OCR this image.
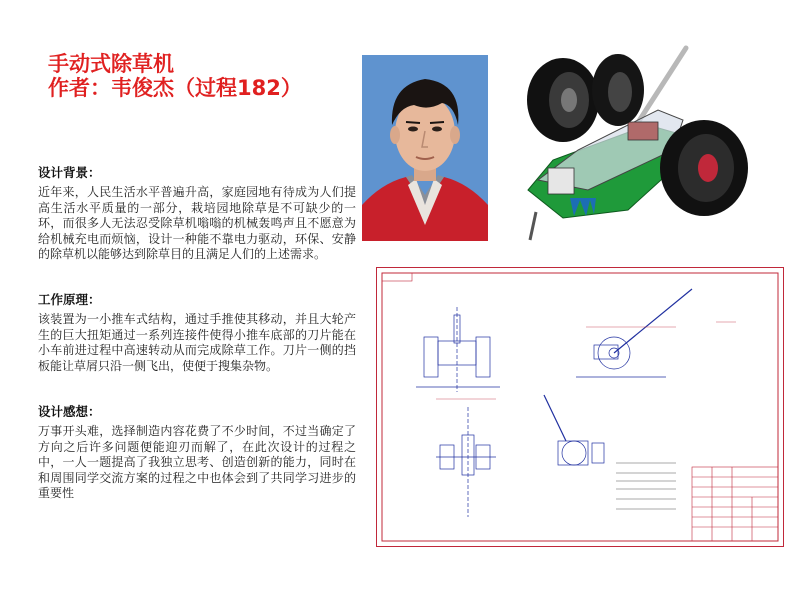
手动式除草机
作者：韦俊杰（过程182）
设计背景：
近年来，人民生活水平普遍升高，家庭园地有待成为人们提高生活水平质量的一部分，栽培园地除草是不可缺少的一环，而很多人无法忍受除草机嗡嗡的机械轰鸣声且不愿意为给机械充电而烦恼，设计一种能不靠电力驱动，环保、安静的除草机以能够达到除草目的且满足人们的上述需求。
工作原理：
该装置为一小推车式结构，通过手推使其移动，并且大轮产生的巨大扭矩通过一系列连接件使得小推车底部的刀片能在小车前进过程中高速转动从而完成除草工作。刀片一侧的挡板能让草屑只沿一侧飞出，使便于搜集杂物。
设计感想：
万事开头难，选择制造内容花费了不少时间，不过当确定了方向之后许多问题便能迎刃而解了，在此次设计的过程之中，一人一题提高了我独立思考、创造创新的能力，同时在和周围同学交流方案的过程之中也体会到了共同学习进步的重要性
